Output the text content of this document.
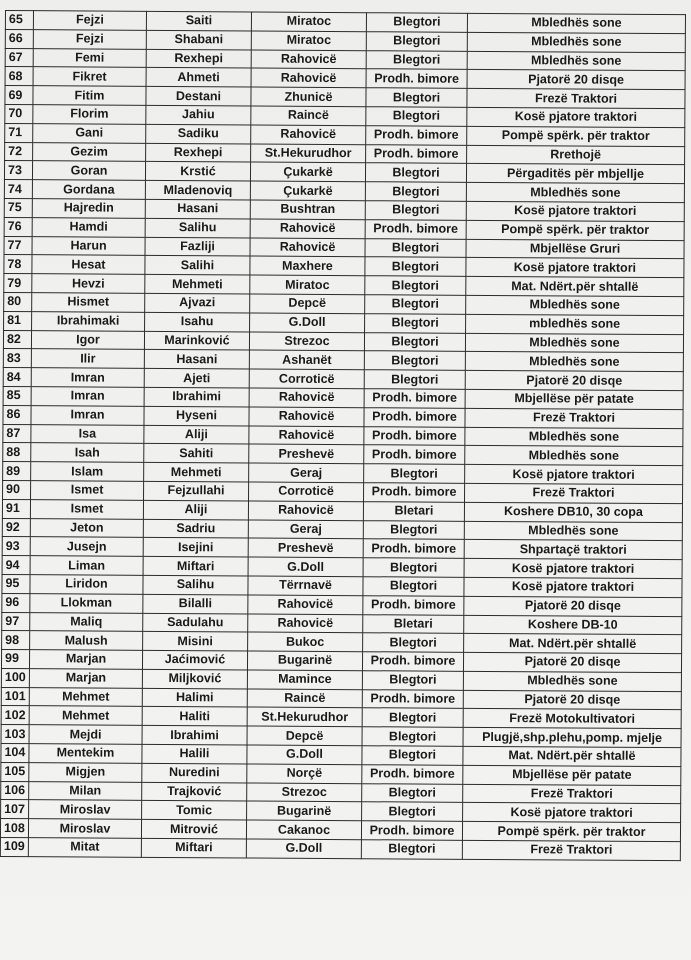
65	Fejzi	Saiti	Miratoc	Blegtori	Mbledhës sone
66	Fejzi	Shabani	Miratoc	Blegtori	Mbledhës sone
67	Femi	Rexhepi	Rahovicë	Blegtori	Mbledhës sone
68	Fikret	Ahmeti	Rahovicë	Prodh. bimore	Pjatorë 20 disqe
69	Fitim	Destani	Zhunicë	Blegtori	Frezë Traktori
70	Florim	Jahiu	Raincë	Blegtori	Kosë pjatore traktori
71	Gani	Sadiku	Rahovicë	Prodh. bimore	Pompë spërk. për traktor
72	Gezim	Rexhepi	St.Hekurudhor	Prodh. bimore	Rrethojë
73	Goran	Krstić	Çukarkë	Blegtori	Përgaditës për mbjellje
74	Gordana	Mladenoviq	Çukarkë	Blegtori	Mbledhës sone
75	Hajredin	Hasani	Bushtran	Blegtori	Kosë pjatore traktori
76	Hamdi	Salihu	Rahovicë	Prodh. bimore	Pompë spërk. për traktor
77	Harun	Fazliji	Rahovicë	Blegtori	Mbjellëse Gruri
78	Hesat	Salihi	Maxhere	Blegtori	Kosë pjatore traktori
79	Hevzi	Mehmeti	Miratoc	Blegtori	Mat. Ndërt.për shtallë
80	Hismet	Ajvazi	Depcë	Blegtori	Mbledhës sone
81	Ibrahimaki	Isahu	G.Doll	Blegtori	mbledhës sone
82	Igor	Marinković	Strezoc	Blegtori	Mbledhës sone
83	Ilir	Hasani	Ashanët	Blegtori	Mbledhës sone
84	Imran	Ajeti	Corroticë	Blegtori	Pjatorë 20 disqe
85	Imran	Ibrahimi	Rahovicë	Prodh. bimore	Mbjellëse për patate
86	Imran	Hyseni	Rahovicë	Prodh. bimore	Frezë Traktori
87	Isa	Aliji	Rahovicë	Prodh. bimore	Mbledhës sone
88	Isah	Sahiti	Preshevë	Prodh. bimore	Mbledhës sone
89	Islam	Mehmeti	Geraj	Blegtori	Kosë pjatore traktori
90	Ismet	Fejzullahi	Corroticë	Prodh. bimore	Frezë Traktori
91	Ismet	Aliji	Rahovicë	Bletari	Koshere DB10, 30 copa
92	Jeton	Sadriu	Geraj	Blegtori	Mbledhës sone
93	Jusejn	Isejini	Preshevë	Prodh. bimore	Shpartaçë traktori
94	Liman	Miftari	G.Doll	Blegtori	Kosë pjatore traktori
95	Liridon	Salihu	Tërrnavë	Blegtori	Kosë pjatore traktori
96	Llokman	Bilalli	Rahovicë	Prodh. bimore	Pjatorë 20 disqe
97	Maliq	Sadulahu	Rahovicë	Bletari	Koshere DB-10
98	Malush	Misini	Bukoc	Blegtori	Mat. Ndërt.për shtallë
99	Marjan	Jaćimović	Bugarinë	Prodh. bimore	Pjatorë 20 disqe
100	Marjan	Miljković	Mamince	Blegtori	Mbledhës sone
101	Mehmet	Halimi	Raincë	Prodh. bimore	Pjatorë 20 disqe
102	Mehmet	Haliti	St.Hekurudhor	Blegtori	Frezë Motokultivatori
103	Mejdi	Ibrahimi	Depcë	Blegtori	Plugjë,shp.plehu,pomp. mjelje
104	Mentekim	Halili	G.Doll	Blegtori	Mat. Ndërt.për shtallë
105	Migjen	Nuredini	Norçë	Prodh. bimore	Mbjellëse për patate
106	Milan	Trajković	Strezoc	Blegtori	Frezë Traktori
107	Miroslav	Tomic	Bugarinë	Blegtori	Kosë pjatore traktori
108	Miroslav	Mitrović	Cakanoc	Prodh. bimore	Pompë spërk. për traktor
109	Mitat	Miftari	G.Doll	Blegtori	Frezë Traktori
